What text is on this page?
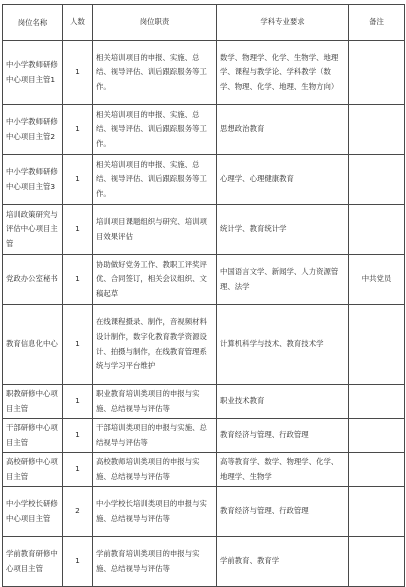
岗位名称	人数	岗位职责	学科专业要求	备注
中小学教师研修中心项目主管1	1	相关培训项目的申报、实施、总结、视导评估、训后跟踪服务等工作。	数学、物理学、化学、生物学、地理学、课程与教学论、学科教学（数学、物理、化学、地理、生物方向）	
中小学教师研修中心项目主管2	1	相关培训项目的申报、实施、总结、视导评估、训后跟踪服务等工作。	思想政治教育	
中小学教师研修中心项目主管3	1	相关培训项目的申报、实施、总结、视导评估、训后跟踪服务等工作。	心理学、心理健康教育	
培训政策研究与评估中心项目主管	1	培训项目课题组织与研究、培训项目效果评估	统计学、教育统计学	
党政办公室秘书	1	协助做好党务工作、教职工评奖评优、合同签订，相关会议组织、文稿起草	中国语言文学、新闻学、人力资源管理、法学	中共党员
教育信息化中心	1	在线课程摄录、制作，音视频材料设计制作，数字化教育教学资源设计、拍摄与制作，在线教育管理系统与学习平台维护	计算机科学与技术、教育技术学	
职教研修中心项目主管	1	职业教育培训类项目的申报与实施、总结视导与评估等	职业技术教育	
干部研修中心项目主管	1	干部培训类项目的申报与实施、总结视导与评估等	教育经济与管理、行政管理	
高校研修中心项目主管	1	高校教师培训类项目的申报与实施、总结视导与评估等	高等教育学、数学、物理学、化学、地理学、生物学	
中小学校长研修中心项目主管	2	中小学校长培训类项目的申报与实施、总结视导与评估等	教育经济与管理、行政管理	
学前教育研修中心项目主管	1	学前教育培训类项目的申报与实施、总结视导与评估等	学前教育、教育学	
